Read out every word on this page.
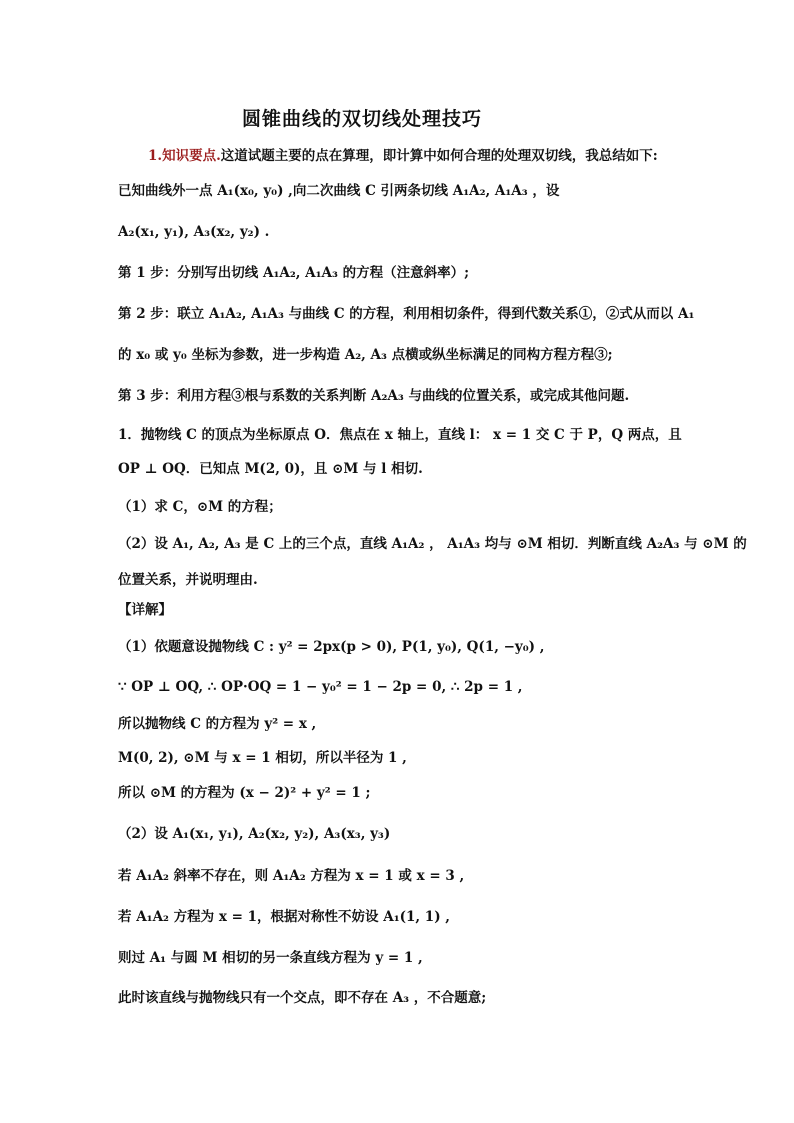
圆锥曲线的双切线处理技巧
1.知识要点.这道试题主要的点在算理，即计算中如何合理的处理双切线，我总结如下:
已知曲线外一点 A₁(x₀, y₀) ,向二次曲线 C 引两条切线 A₁A₂, A₁A₃ ，设
A₂(x₁, y₁), A₃(x₂, y₂) .
第 1 步：分别写出切线 A₁A₂, A₁A₃ 的方程（注意斜率）;
第 2 步：联立 A₁A₂, A₁A₃ 与曲线 C 的方程，利用相切条件，得到代数关系①，②式从而以 A₁
的 x₀ 或 y₀ 坐标为参数，进一步构造 A₂, A₃ 点横或纵坐标满足的同构方程方程③;
第 3 步：利用方程③根与系数的关系判断 A₂A₃ 与曲线的位置关系，或完成其他问题.
1．抛物线 C 的顶点为坐标原点 O．焦点在 x 轴上，直线 l： x = 1 交 C 于 P，Q 两点，且
OP ⊥ OQ．已知点 M(2, 0)，且 ⊙M 与 l 相切.
（1）求 C，⊙M 的方程；
（2）设 A₁, A₂, A₃ 是 C 上的三个点，直线 A₁A₂ ， A₁A₃ 均与 ⊙M 相切．判断直线 A₂A₃ 与 ⊙M 的
位置关系，并说明理由.
【详解】
（1）依题意设抛物线 C : y² = 2px(p > 0), P(1, y₀), Q(1, −y₀) ,
∵ OP ⊥ OQ, ∴ OP·OQ = 1 − y₀² = 1 − 2p = 0, ∴ 2p = 1 ,
所以抛物线 C 的方程为 y² = x ,
M(0, 2), ⊙M 与 x = 1 相切，所以半径为 1 ,
所以 ⊙M 的方程为 (x − 2)² + y² = 1 ;
（2）设 A₁(x₁, y₁), A₂(x₂, y₂), A₃(x₃, y₃)
若 A₁A₂ 斜率不存在，则 A₁A₂ 方程为 x = 1 或 x = 3 ,
若 A₁A₂ 方程为 x = 1，根据对称性不妨设 A₁(1, 1) ,
则过 A₁ 与圆 M 相切的另一条直线方程为 y = 1 ,
此时该直线与抛物线只有一个交点，即不存在 A₃ ，不合题意;
